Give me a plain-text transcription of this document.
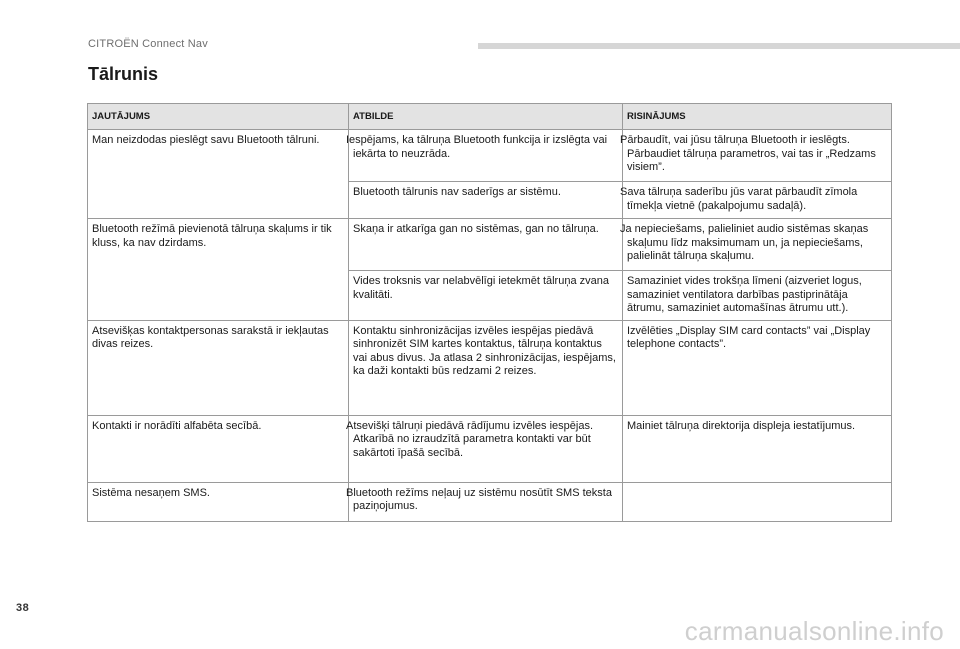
CITROËN Connect Nav
Tālrunis
JAUTĀJUMS	ATBILDE	RISINĀJUMS
Man neizdodas pieslēgt savu Bluetooth tālruni.	Iespējams, ka tālruņa Bluetooth funkcija ir izslēgta vai iekārta to neuzrāda.	Pārbaudīt, vai jūsu tālruņa Bluetooth ir ieslēgts. Pārbaudiet tālruņa parametros, vai tas ir „Redzams visiem”.
	Bluetooth tālrunis nav saderīgs ar sistēmu.	Sava tālruņa saderību jūs varat pārbaudīt zīmola tīmekļa vietnē (pakalpojumu sadaļā).
Bluetooth režīmā pievienotā tālruņa skaļums ir tik kluss, ka nav dzirdams.	Skaņa ir atkarīga gan no sistēmas, gan no tālruņa.	Ja nepieciešams, palieliniet audio sistēmas skaņas skaļumu līdz maksimumam un, ja nepieciešams, palielināt tālruņa skaļumu.
	Vides troksnis var nelabvēlīgi ietekmēt tālruņa zvana kvalitāti.	Samaziniet vides trokšņa līmeni (aizveriet logus, samaziniet ventilatora darbības pastiprinātāja ātrumu, samaziniet automašīnas ātrumu utt.).
Atsevišķas kontaktpersonas sarakstā ir iekļautas divas reizes.	Kontaktu sinhronizācijas izvēles iespējas piedāvā sinhronizēt SIM kartes kontaktus, tālruņa kontaktus vai abus divus. Ja atlasa 2 sinhronizācijas, iespējams, ka daži kontakti būs redzami 2 reizes.	Izvēlēties „Display SIM card contacts” vai „Display telephone contacts”.
Kontakti ir norādīti alfabēta secībā.	Atsevišķi tālruņi piedāvā rādījumu izvēles iespējas. Atkarībā no izraudzītā parametra kontakti var būt sakārtoti īpašā secībā.	Mainiet tālruņa direktorija displeja iestatījumus.
Sistēma nesaņem SMS.	Bluetooth režīms neļauj uz sistēmu nosūtīt SMS teksta paziņojumus.	
38
carmanualsonline.info
